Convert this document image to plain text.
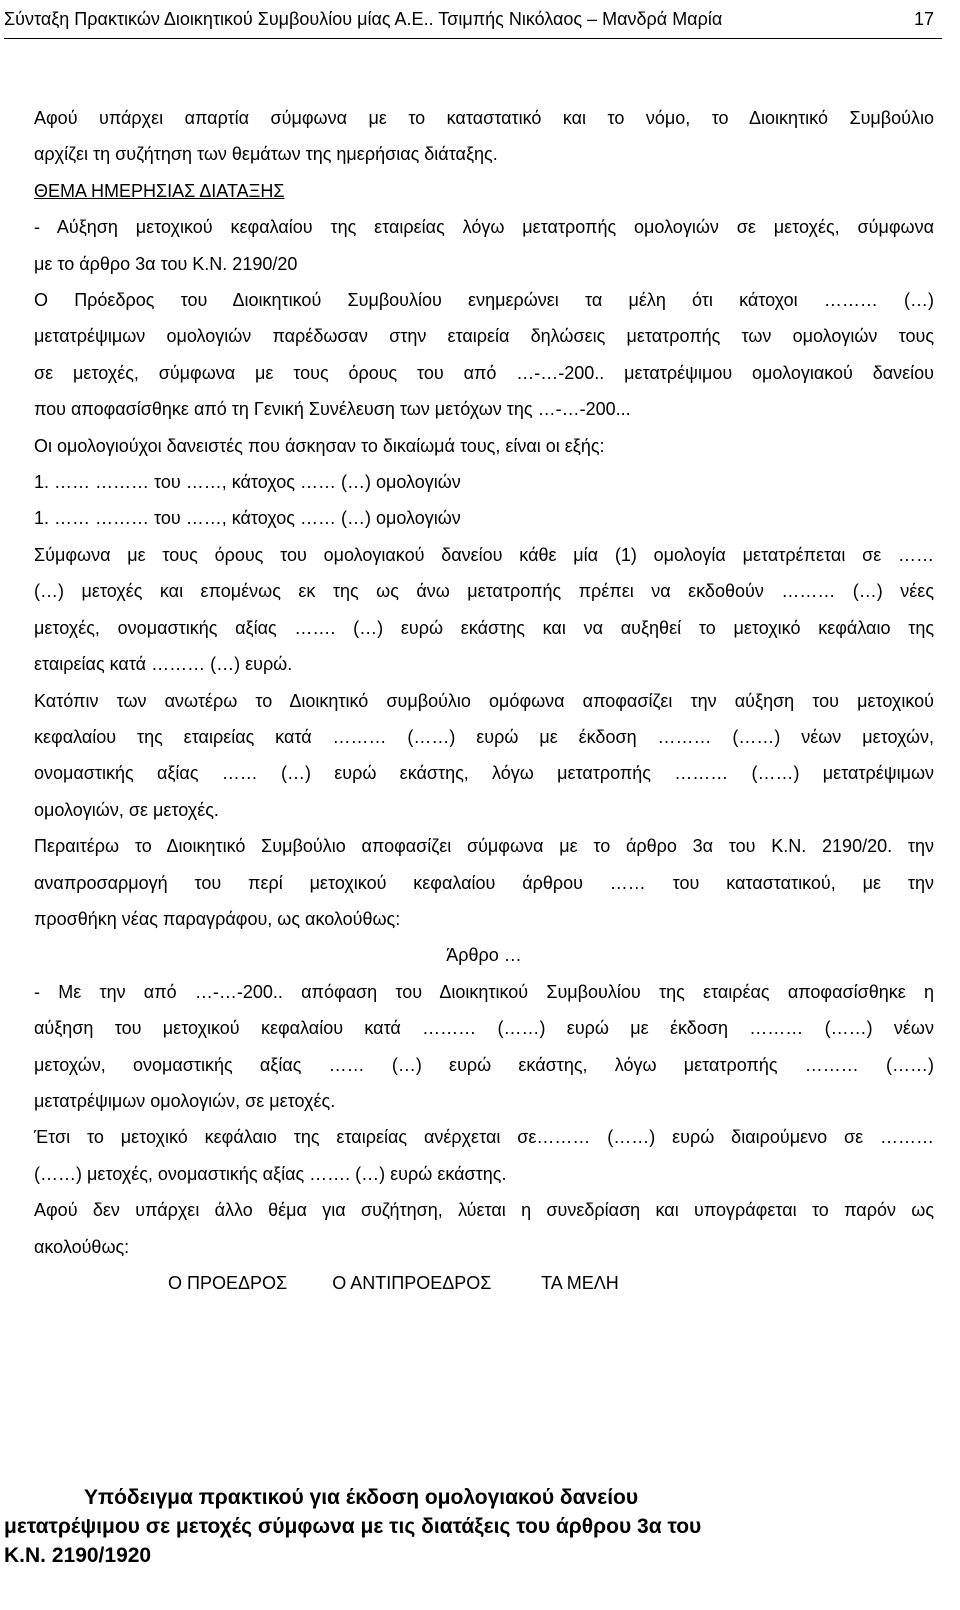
Σύνταξη Πρακτικών Διοικητικού Συμβουλίου μίας Α.Ε.. Τσιμπής Νικόλαος – Μανδρά Μαρία	17

Αφού υπάρχει απαρτία σύμφωνα με το καταστατικό και το νόμο, το Διοικητικό Συμβούλιο

αρχίζει τη συζήτηση των θεμάτων της ημερήσιας διάταξης.

ΘΕΜΑ ΗΜΕΡΗΣΙΑΣ ΔΙΑΤΑΞΗΣ

- Αύξηση μετοχικού κεφαλαίου της εταιρείας λόγω μετατροπής ομολογιών σε μετοχές, σύμφωνα

με το άρθρο 3α του Κ.Ν. 2190/20

Ο Πρόεδρος του Διοικητικού Συμβουλίου ενημερώνει τα μέλη ότι κάτοχοι ……… (…)

μετατρέψιμων ομολογιών παρέδωσαν στην εταιρεία δηλώσεις μετατροπής των ομολογιών τους

σε μετοχές, σύμφωνα με τους όρους του από …-…-200.. μετατρέψιμου ομολογιακού δανείου

που αποφασίσθηκε από τη Γενική Συνέλευση των μετόχων της …-…-200...

Οι ομολογιούχοι δανειστές που άσκησαν το δικαίωμά τους, είναι οι εξής:

1. …… ……… του ……, κάτοχος …… (…) ομολογιών

1. …… ……… του ……, κάτοχος …… (…) ομολογιών

Σύμφωνα με τους όρους του ομολογιακού δανείου κάθε μία (1) ομολογία μετατρέπεται σε ……

(…) μετοχές και επομένως εκ της ως άνω μετατροπής πρέπει να εκδοθούν ……… (…) νέες

μετοχές, ονομαστικής αξίας ……. (…) ευρώ εκάστης και να αυξηθεί το μετοχικό κεφάλαιο της

εταιρείας κατά ……… (…) ευρώ.

Κατόπιν των ανωτέρω το Διοικητικό συμβούλιο ομόφωνα αποφασίζει την αύξηση του μετοχικού

κεφαλαίου της εταιρείας κατά ……… (……) ευρώ με έκδοση ……… (……) νέων μετοχών,

ονομαστικής αξίας …… (…) ευρώ εκάστης, λόγω μετατροπής ……… (……) μετατρέψιμων

ομολογιών, σε μετοχές.

Περαιτέρω το Διοικητικό Συμβούλιο αποφασίζει σύμφωνα με το άρθρο 3α του Κ.Ν. 2190/20. την

αναπροσαρμογή του περί μετοχικού κεφαλαίου άρθρου …… του καταστατικού, με την

προσθήκη νέας παραγράφου, ως ακολούθως:

Άρθρο …

- Με την από …-…-200.. απόφαση του Διοικητικού Συμβουλίου της εταιρέας αποφασίσθηκε η

αύξηση του μετοχικού κεφαλαίου κατά ……… (……) ευρώ με έκδοση ……… (……) νέων

μετοχών, ονομαστικής αξίας …… (…) ευρώ εκάστης, λόγω μετατροπής ……… (……)

μετατρέψιμων ομολογιών, σε μετοχές.

Έτσι το μετοχικό κεφάλαιο της εταιρείας ανέρχεται σε……… (……) ευρώ διαιρούμενο σε ………

(……) μετοχές, ονομαστικής αξίας ……. (…) ευρώ εκάστης.

Αφού δεν υπάρχει άλλο θέμα για συζήτηση, λύεται η συνεδρίαση και υπογράφεται το παρόν ως

ακολούθως:

Ο ΠΡΟΕΔΡΟΣ	Ο ΑΝΤΙΠΡΟΕΔΡΟΣ	ΤΑ ΜΕΛΗ

Υπόδειγμα πρακτικού για έκδοση ομολογιακού δανείου
μετατρέψιμου σε μετοχές σύμφωνα με τις διατάξεις του άρθρου 3α του
Κ.Ν. 2190/1920
